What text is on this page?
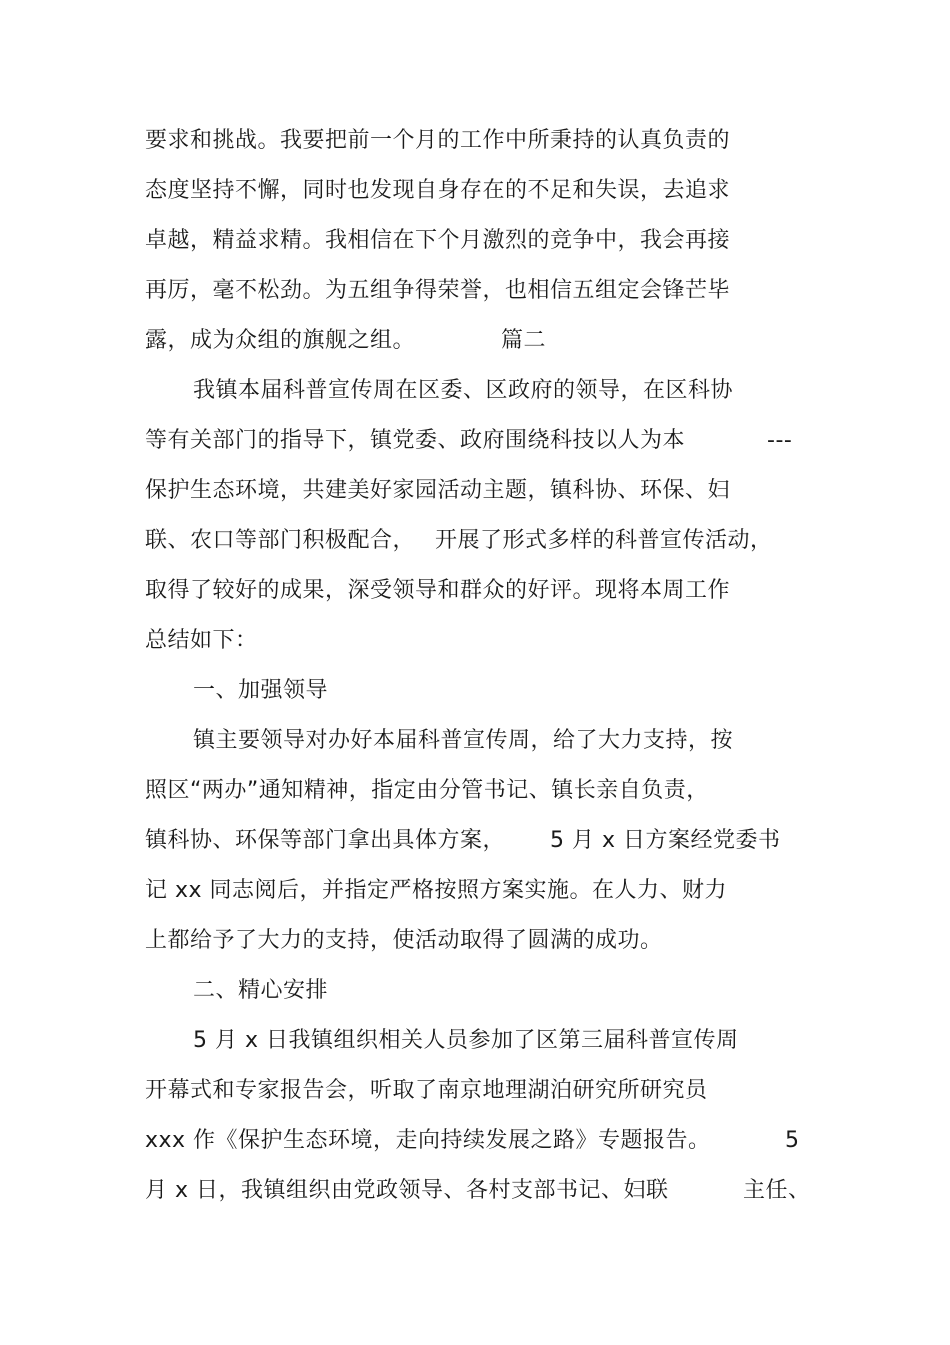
要求和挑战。我要把前一个月的工作中所秉持的认真负责的
态度坚持不懈，同时也发现自身存在的不足和失误，去追求
卓越，精益求精。我相信在下个月激烈的竞争中，我会再接
再厉，毫不松劲。为五组争得荣誉，也相信五组定会锋芒毕
露，成为众组的旗舰之组。	篇二
我镇本届科普宣传周在区委、区政府的领导，在区科协
等有关部门的指导下，镇党委、政府围绕科技以人为本	---
保护生态环境，共建美好家园活动主题，镇科协、环保、妇
联、农口等部门积极配合， 开展了形式多样的科普宣传活动，
取得了较好的成果，深受领导和群众的好评。现将本周工作
总结如下：
一、加强领导
镇主要领导对办好本届科普宣传周，给了大力支持，按
照区“两办”通知精神，指定由分管书记、镇长亲自负责，
镇科协、环保等部门拿出具体方案， 5 月 x 日方案经党委书
记 xx 同志阅后，并指定严格按照方案实施。在人力、财力
上都给予了大力的支持，使活动取得了圆满的成功。
二、精心安排
5 月 x 日我镇组织相关人员参加了区第三届科普宣传周
开幕式和专家报告会，听取了南京地理湖泊研究所研究员
xxx 作《保护生态环境，走向持续发展之路》专题报告。	5
月 x 日，我镇组织由党政领导、各村支部书记、妇联	主任、
